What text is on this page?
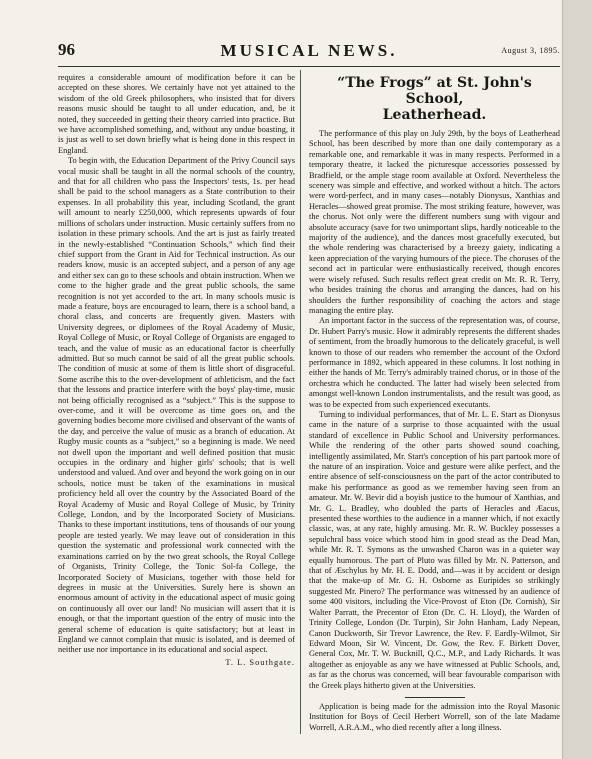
96	MUSICAL NEWS.	August 3, 1895.

requires a considerable amount of modification before it can be accepted on these shores. We certainly have not yet attained to the wisdom of the old Greek philosophers, who insisted that for divers reasons music should be taught to all under education, and, be it noted, they succeeded in getting their theory carried into practice. But we have accomplished something, and, without any undue boasting, it is just as well to set down briefly what is being done in this respect in England.

To begin with, the Education Department of the Privy Council says vocal music shall be taught in all the normal schools of the country, and that for all children who pass the Inspectors' tests, 1s. per head shall be paid to the school managers as a State contribution to their expenses. In all probability this year, including Scotland, the grant will amount to nearly £250,000, which represents upwards of four millions of scholars under instruction. Music certainly suffers from no isolation in these primary schools. And the art is just as fairly treated in the newly-established “Continuation Schools,” which find their chief support from the Grant in Aid for Technical instruction. As our readers know, music is an accepted subject, and a person of any age and either sex can go to these schools and obtain instruction. When we come to the higher grade and the great public schools, the same recognition is not yet accorded to the art. In many schools music is made a feature, boys are encouraged to learn, there is a school band, a choral class, and concerts are frequently given. Masters with University degrees, or diplomees of the Royal Academy of Music, Royal College of Music, or Royal College of Organists are engaged to teach, and the value of music as an educational factor is cheerfully admitted. But so much cannot be said of all the great public schools. The condition of music at some of them is little short of disgraceful. Some ascribe this to the over-development of athleticism, and the fact that the lessons and practice interfere with the boys' play-time, music not being officially recognised as a “subject.” This is the suppose to over-come, and it will be overcome as time goes on, and the governing bodies become more civilised and observant of the wants of the day, and perceive the value of music as a branch of education. At Rugby music counts as a “subject,” so a beginning is made. We need not dwell upon the important and well defined position that music occupies in the ordinary and higher girls' schools; that is well understood and valued. And over and beyond the work going on in our schools, notice must be taken of the examinations in musical proficiency held all over the country by the Associated Board of the Royal Academy of Music and Royal College of Music, by Trinity College, London, and by the Incorporated Society of Musicians. Thanks to these important institutions, tens of thousands of our young people are tested yearly. We may leave out of consideration in this question the systematic and professional work connected with the examinations carried on by the two great schools, the Royal College of Organists, Trinity College, the Tonic Sol-fa College, the Incorporated Society of Musicians, together with those held for degrees in music at the Universities. Surely here is shown an enormous amount of activity in the educational aspect of music going on continuously all over our land! No musician will assert that it is enough, or that the important question of the entry of music into the general scheme of education is quite satisfactory; but at least in England we cannot complain that music is isolated, and is deemed of neither use nor importance in its educational and social aspect.

T. L. Southgate.
“The Frogs” at St. John's School,
Leatherhead.

The performance of this play on July 29th, by the boys of Leatherhead School, has been described by more than one daily contemporary as a remarkable one, and remarkable it was in many respects. Performed in a temporary theatre, it lacked the picturesque accessories possessed by Bradfield, or the ample stage room available at Oxford. Nevertheless the scenery was simple and effective, and worked without a hitch. The actors were word-perfect, and in many cases—notably Dionysus, Xanthias and Heracles—showed great promise. The most striking feature, however, was the chorus. Not only were the different numbers sung with vigour and absolute accuracy (save for two unimportant slips, hardly noticeable to the majority of the audience), and the dances most gracefully executed, but the whole rendering was characterised by a breezy gaiety, indicating a keen appreciation of the varying humours of the piece. The choruses of the second act in particular were enthusiastically received, though encores were wisely refused. Such results reflect great credit on Mr. R. R. Terry, who besides training the chorus and arranging the dances, had on his shoulders the further responsibility of coaching the actors and stage managing the entire play.

An important factor in the success of the representation was, of course, Dr. Hubert Parry's music. How it admirably represents the different shades of sentiment, from the broadly humorous to the delicately graceful, is well known to those of our readers who remember the account of the Oxford performance in 1892, which appeared in these columns. It lost nothing in either the hands of Mr. Terry's admirably trained chorus, or in those of the orchestra which he conducted. The latter had wisely been selected from amongst well-known London instrumentalists, and the result was good, as was to be expected from such experienced executants.

Turning to individual performances, that of Mr. L. E. Start as Dionysus came in the nature of a surprise to those acquainted with the usual standard of excellence in Public School and University performances. While the rendering of the other parts showed sound coaching, intelligently assimilated, Mr. Start's conception of his part partook more of the nature of an inspiration. Voice and gesture were alike perfect, and the entire absence of self-consciousness on the part of the actor contributed to make his performance as good as we remember having seen from an amateur. Mr. W. Bevir did a boyish justice to the humour of Xanthias, and Mr. G. L. Bradley, who doubled the parts of Heracles and Æacus, presented these worthies to the audience in a manner which, if not exactly classic, was, at any rate, highly amusing. Mr. R. W. Buckley possesses a sepulchral bass voice which stood him in good stead as the Dead Man, while Mr. R. T. Symons as the unwashed Charon was in a quieter way equally humorous. The part of Pluto was filled by Mr. N. Patterson, and that of Æschylus by Mr. H. E. Dodd, and—was it by accident or design that the make-up of Mr. G. H. Osborne as Euripides so strikingly suggested Mr. Pinero? The performance was witnessed by an audience of some 400 visitors, including the Vice-Provost of Eton (Dr. Cornish), Sir Walter Parratt, the Precentor of Eton (Dr. C. H. Lloyd), the Warden of Trinity College, London (Dr. Turpin), Sir John Hanham, Lady Nepean, Canon Duckworth, Sir Trevor Lawrence, the Rev. F. Eardly-Wilmot, Sir Edward Moon, Sir W. Vincent, Dr. Gow, the Rev. F. Birkett Dover, General Cox, Mr. T. W. Bucknill, Q.C., M.P., and Lady Richards. It was altogether as enjoyable as any we have witnessed at Public Schools, and, as far as the chorus was concerned, will bear favourable comparison with the Greek plays hitherto given at the Universities.

Application is being made for the admission into the Royal Masonic Institution for Boys of Cecil Herbert Worrell, son of the late Madame Worrell, A.R.A.M., who died recently after a long illness.
